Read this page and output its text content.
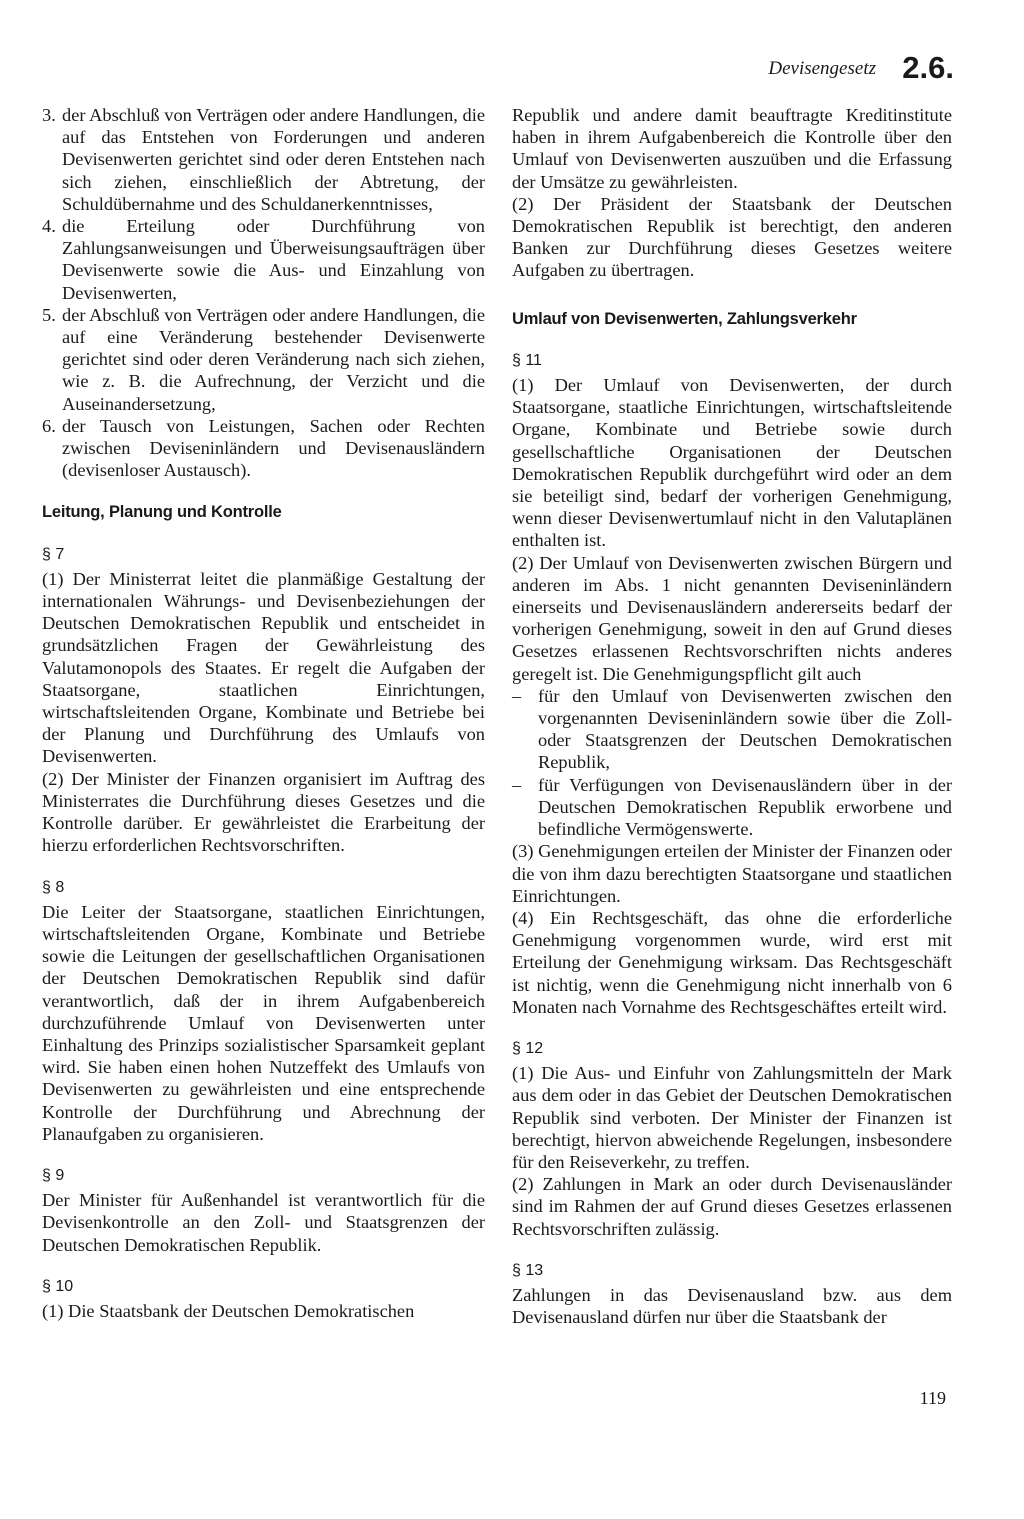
Devisengesetz 2.6.
3. der Abschluß von Verträgen oder andere Handlungen, die auf das Entstehen von Forderungen und anderen Devisenwerten gerichtet sind oder deren Entstehen nach sich ziehen, einschließlich der Abtretung, der Schuldübernahme und des Schuldanerkenntnisses,
4. die Erteilung oder Durchführung von Zahlungsanweisungen und Überweisungsaufträgen über Devisenwerte sowie die Aus- und Einzahlung von Devisenwerten,
5. der Abschluß von Verträgen oder andere Handlungen, die auf eine Veränderung bestehender Devisenwerte gerichtet sind oder deren Veränderung nach sich ziehen, wie z. B. die Aufrechnung, der Verzicht und die Auseinandersetzung,
6. der Tausch von Leistungen, Sachen oder Rechten zwischen Deviseninländern und Devisenausländern (devisenloser Austausch).
Leitung, Planung und Kontrolle
§ 7

(1) Der Ministerrat leitet die planmäßige Gestaltung der internationalen Währungs- und Devisenbeziehungen der Deutschen Demokratischen Republik und entscheidet in grundsätzlichen Fragen der Gewährleistung des Valutamonopols des Staates. Er regelt die Aufgaben der Staatsorgane, staatlichen Einrichtungen, wirtschaftsleitenden Organe, Kombinate und Betriebe bei der Planung und Durchführung des Umlaufs von Devisenwerten.

(2) Der Minister der Finanzen organisiert im Auftrag des Ministerrates die Durchführung dieses Gesetzes und die Kontrolle darüber. Er gewährleistet die Erarbeitung der hierzu erforderlichen Rechtsvorschriften.

§ 8

Die Leiter der Staatsorgane, staatlichen Einrichtungen, wirtschaftsleitenden Organe, Kombinate und Betriebe sowie die Leitungen der gesellschaftlichen Organisationen der Deutschen Demokratischen Republik sind dafür verantwortlich, daß der in ihrem Aufgabenbereich durchzuführende Umlauf von Devisenwerten unter Einhaltung des Prinzips sozialistischer Sparsamkeit geplant wird. Sie haben einen hohen Nutzeffekt des Umlaufs von Devisenwerten zu gewährleisten und eine entsprechende Kontrolle der Durchführung und Abrechnung der Planaufgaben zu organisieren.

§ 9

Der Minister für Außenhandel ist verantwortlich für die Devisenkontrolle an den Zoll- und Staatsgrenzen der Deutschen Demokratischen Republik.

§ 10

(1) Die Staatsbank der Deutschen Demokratischen

Republik und andere damit beauftragte Kreditinstitute haben in ihrem Aufgabenbereich die Kontrolle über den Umlauf von Devisenwerten auszuüben und die Erfassung der Umsätze zu gewährleisten.

(2) Der Präsident der Staatsbank der Deutschen Demokratischen Republik ist berechtigt, den anderen Banken zur Durchführung dieses Gesetzes weitere Aufgaben zu übertragen.

Umlauf von Devisenwerten, Zahlungsverkehr
§ 11

(1) Der Umlauf von Devisenwerten, der durch Staatsorgane, staatliche Einrichtungen, wirtschaftsleitende Organe, Kombinate und Betriebe sowie durch gesellschaftliche Organisationen der Deutschen Demokratischen Republik durchgeführt wird oder an dem sie beteiligt sind, bedarf der vorherigen Genehmigung, wenn dieser Devisenwertumlauf nicht in den Valutaplänen enthalten ist.

(2) Der Umlauf von Devisenwerten zwischen Bürgern und anderen im Abs. 1 nicht genannten Deviseninländern einerseits und Devisenausländern andererseits bedarf der vorherigen Genehmigung, soweit in den auf Grund dieses Gesetzes erlassenen Rechtsvorschriften nichts anderes geregelt ist. Die Genehmigungspflicht gilt auch

– für den Umlauf von Devisenwerten zwischen den vorgenannten Deviseninländern sowie über die Zoll- oder Staatsgrenzen der Deutschen Demokratischen Republik,
– für Verfügungen von Devisenausländern über in der Deutschen Demokratischen Republik erworbene und befindliche Vermögenswerte.

(3) Genehmigungen erteilen der Minister der Finanzen oder die von ihm dazu berechtigten Staatsorgane und staatlichen Einrichtungen.

(4) Ein Rechtsgeschäft, das ohne die erforderliche Genehmigung vorgenommen wurde, wird erst mit Erteilung der Genehmigung wirksam. Das Rechtsgeschäft ist nichtig, wenn die Genehmigung nicht innerhalb von 6 Monaten nach Vornahme des Rechtsgeschäftes erteilt wird.

§ 12

(1) Die Aus- und Einfuhr von Zahlungsmitteln der Mark aus dem oder in das Gebiet der Deutschen Demokratischen Republik sind verboten. Der Minister der Finanzen ist berechtigt, hiervon abweichende Regelungen, insbesondere für den Reiseverkehr, zu treffen.

(2) Zahlungen in Mark an oder durch Devisenausländer sind im Rahmen der auf Grund dieses Gesetzes erlassenen Rechtsvorschriften zulässig.

§ 13

Zahlungen in das Devisenausland bzw. aus dem Devisenausland dürfen nur über die Staatsbank der

119
